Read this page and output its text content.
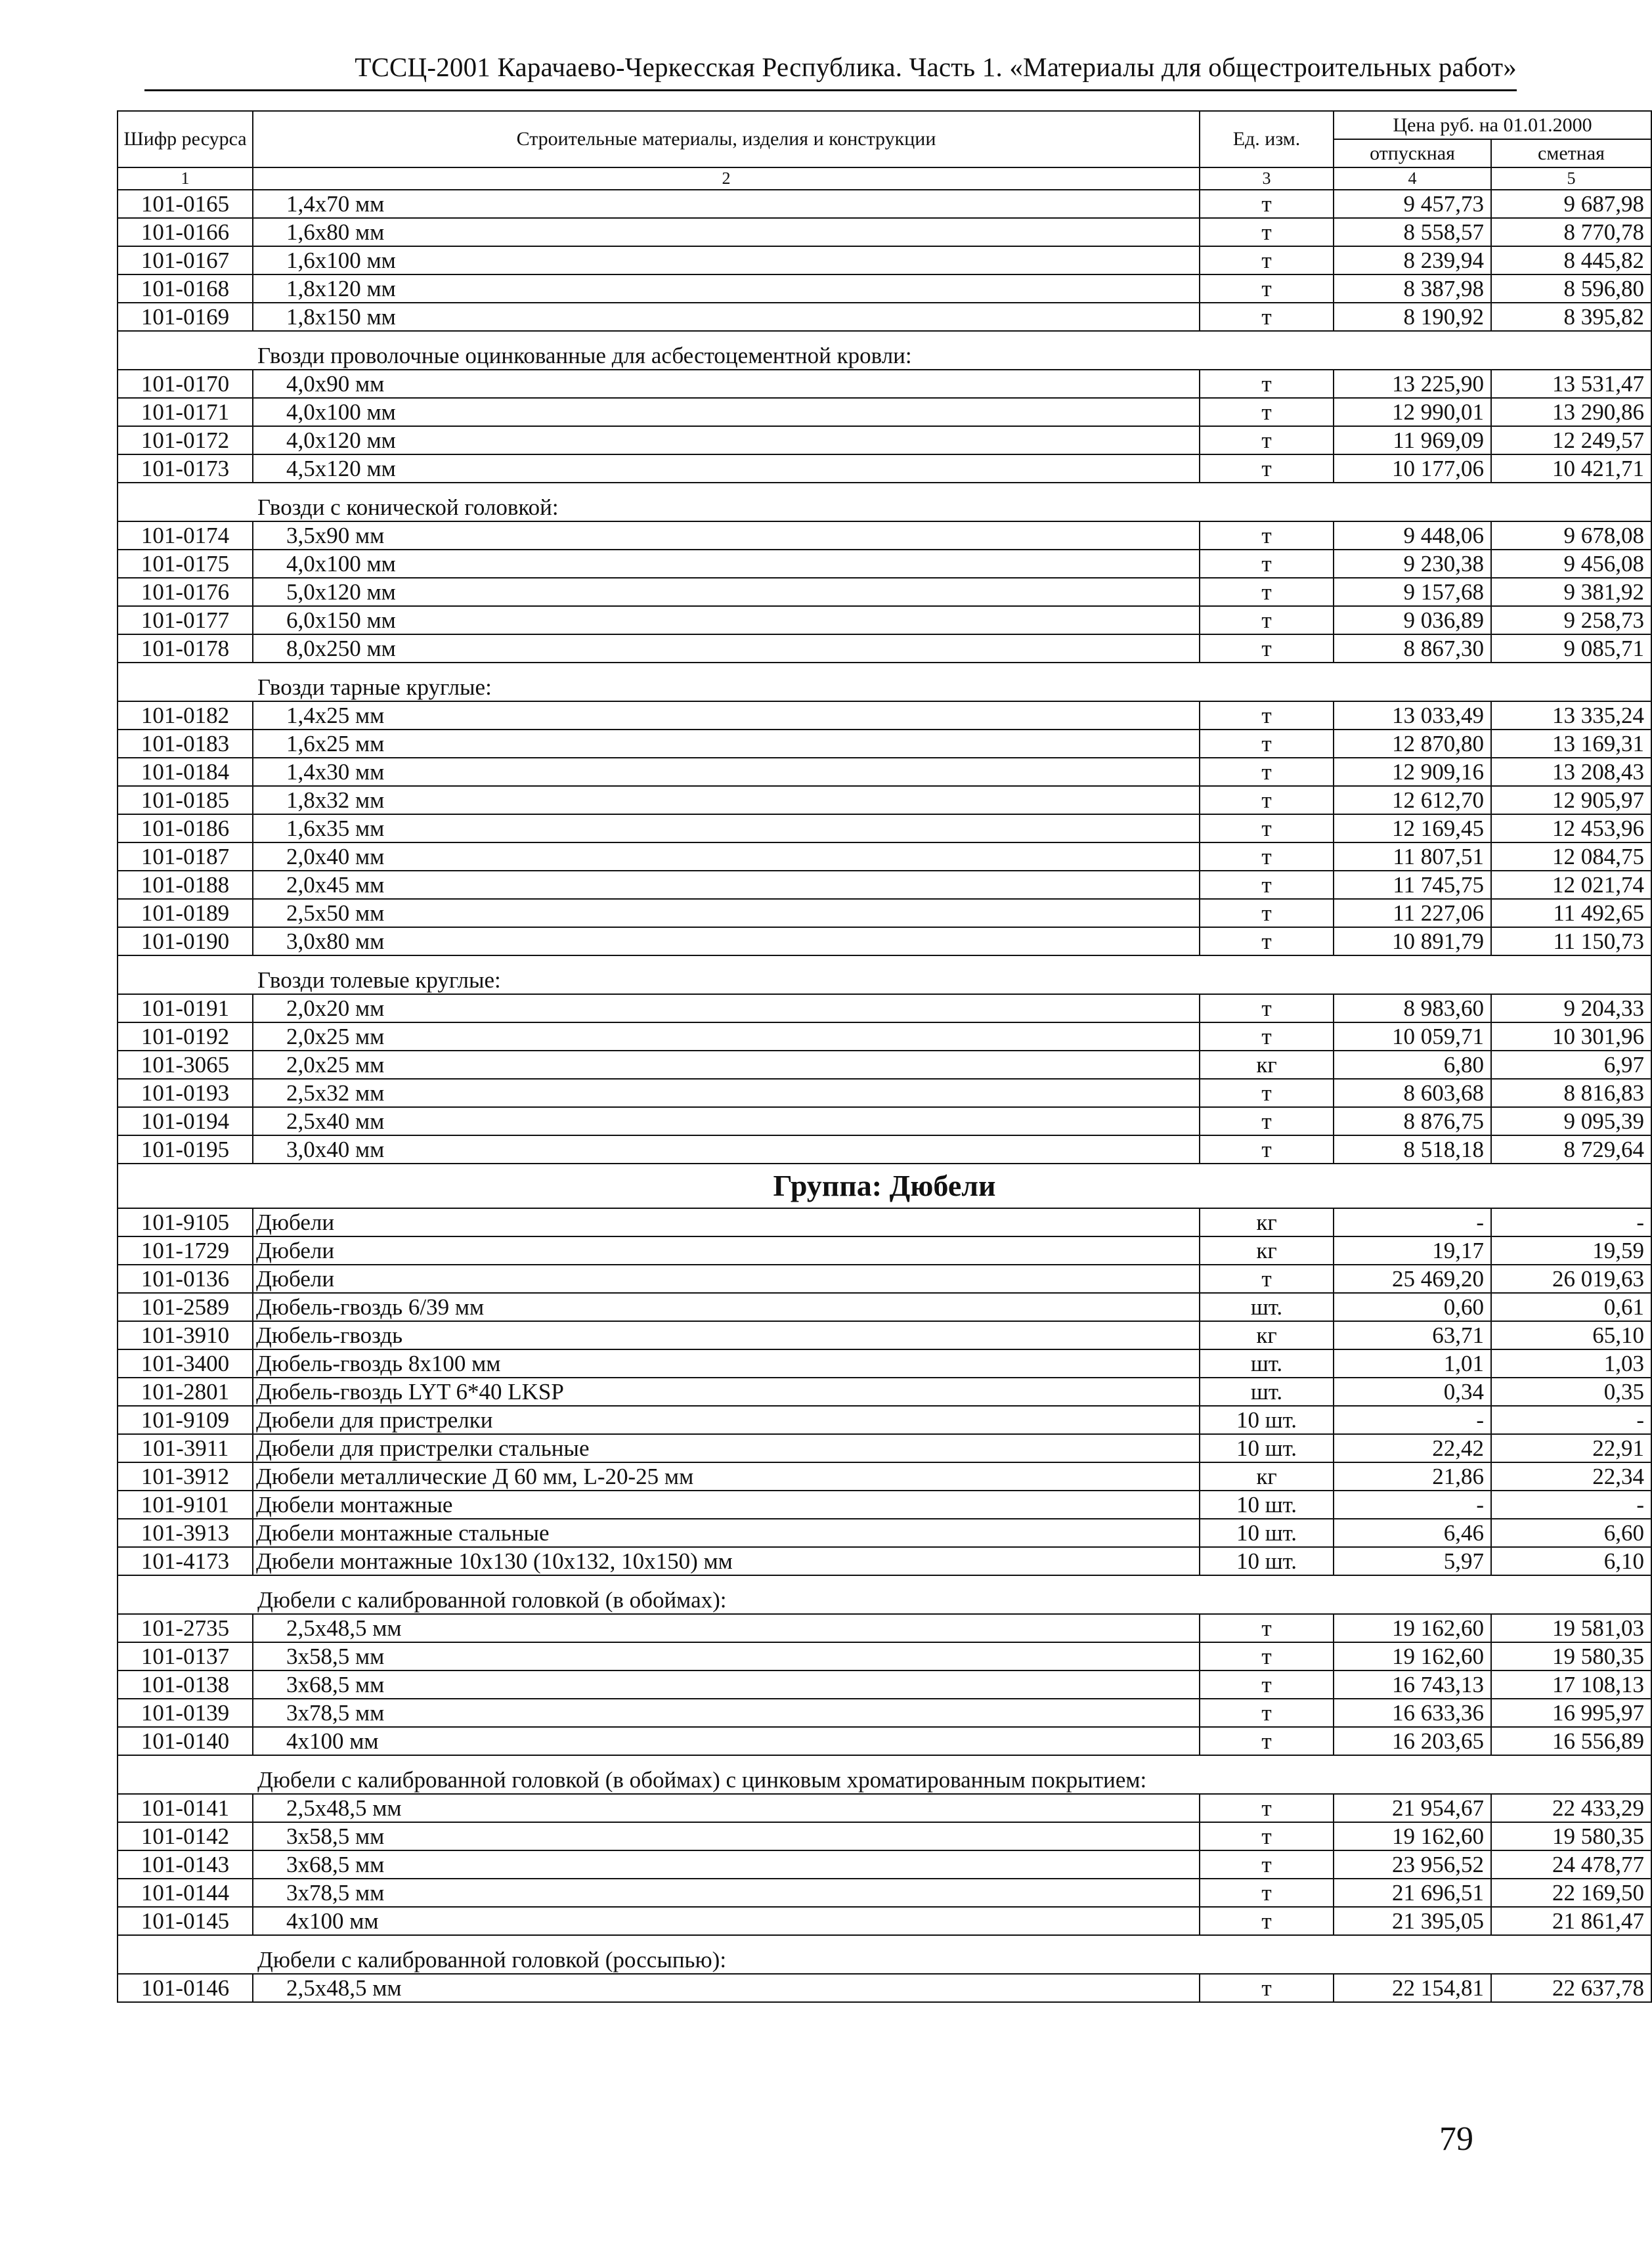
ТССЦ-2001 Карачаево-Черкесская Республика. Часть 1. «Материалы для общестроительных работ»
Шифр ресурса	Строительные материалы, изделия и конструкции	Ед. изм.	Цена руб. на 01.01.2000	
			отпускная	сметная
1	2	3	4	5
101-0165	1,4х70 мм	т	9 457,73	9 687,98
101-0166	1,6х80 мм	т	8 558,57	8 770,78
101-0167	1,6х100 мм	т	8 239,94	8 445,82
101-0168	1,8х120 мм	т	8 387,98	8 596,80
101-0169	1,8х150 мм	т	8 190,92	8 395,82
Гвозди проволочные оцинкованные для асбестоцементной кровли:				
101-0170	4,0х90 мм	т	13 225,90	13 531,47
101-0171	4,0х100 мм	т	12 990,01	13 290,86
101-0172	4,0х120 мм	т	11 969,09	12 249,57
101-0173	4,5х120 мм	т	10 177,06	10 421,71
Гвозди с конической головкой:				
101-0174	3,5х90 мм	т	9 448,06	9 678,08
101-0175	4,0х100 мм	т	9 230,38	9 456,08
101-0176	5,0х120 мм	т	9 157,68	9 381,92
101-0177	6,0х150 мм	т	9 036,89	9 258,73
101-0178	8,0х250 мм	т	8 867,30	9 085,71
Гвозди тарные круглые:				
101-0182	1,4х25 мм	т	13 033,49	13 335,24
101-0183	1,6х25 мм	т	12 870,80	13 169,31
101-0184	1,4х30 мм	т	12 909,16	13 208,43
101-0185	1,8х32 мм	т	12 612,70	12 905,97
101-0186	1,6х35 мм	т	12 169,45	12 453,96
101-0187	2,0х40 мм	т	11 807,51	12 084,75
101-0188	2,0х45 мм	т	11 745,75	12 021,74
101-0189	2,5х50 мм	т	11 227,06	11 492,65
101-0190	3,0х80 мм	т	10 891,79	11 150,73
Гвозди толевые круглые:				
101-0191	2,0х20 мм	т	8 983,60	9 204,33
101-0192	2,0х25 мм	т	10 059,71	10 301,96
101-3065	2,0х25 мм	кг	6,80	6,97
101-0193	2,5х32 мм	т	8 603,68	8 816,83
101-0194	2,5х40 мм	т	8 876,75	9 095,39
101-0195	3,0х40 мм	т	8 518,18	8 729,64
Группа: Дюбели				
101-9105	Дюбели	кг	-	-
101-1729	Дюбели	кг	19,17	19,59
101-0136	Дюбели	т	25 469,20	26 019,63
101-2589	Дюбель-гвоздь 6/39 мм	шт.	0,60	0,61
101-3910	Дюбель-гвоздь	кг	63,71	65,10
101-3400	Дюбель-гвоздь 8х100 мм	шт.	1,01	1,03
101-2801	Дюбель-гвоздь LYT 6*40 LKSP	шт.	0,34	0,35
101-9109	Дюбели для пристрелки	10 шт.	-	-
101-3911	Дюбели для пристрелки стальные	10 шт.	22,42	22,91
101-3912	Дюбели металлические Д 60 мм, L-20-25 мм	кг	21,86	22,34
101-9101	Дюбели монтажные	10 шт.	-	-
101-3913	Дюбели монтажные стальные	10 шт.	6,46	6,60
101-4173	Дюбели монтажные 10х130 (10х132, 10х150) мм	10 шт.	5,97	6,10
Дюбели с калиброванной головкой (в обоймах):				
101-2735	2,5х48,5 мм	т	19 162,60	19 581,03
101-0137	3х58,5 мм	т	19 162,60	19 580,35
101-0138	3х68,5 мм	т	16 743,13	17 108,13
101-0139	3х78,5 мм	т	16 633,36	16 995,97
101-0140	4х100 мм	т	16 203,65	16 556,89
Дюбели с калиброванной головкой (в обоймах) с цинковым хроматированным покрытием:				
101-0141	2,5х48,5 мм	т	21 954,67	22 433,29
101-0142	3х58,5 мм	т	19 162,60	19 580,35
101-0143	3х68,5 мм	т	23 956,52	24 478,77
101-0144	3х78,5 мм	т	21 696,51	22 169,50
101-0145	4х100 мм	т	21 395,05	21 861,47
Дюбели с калиброванной головкой (россыпью):				
101-0146	2,5х48,5 мм	т	22 154,81	22 637,78
79
